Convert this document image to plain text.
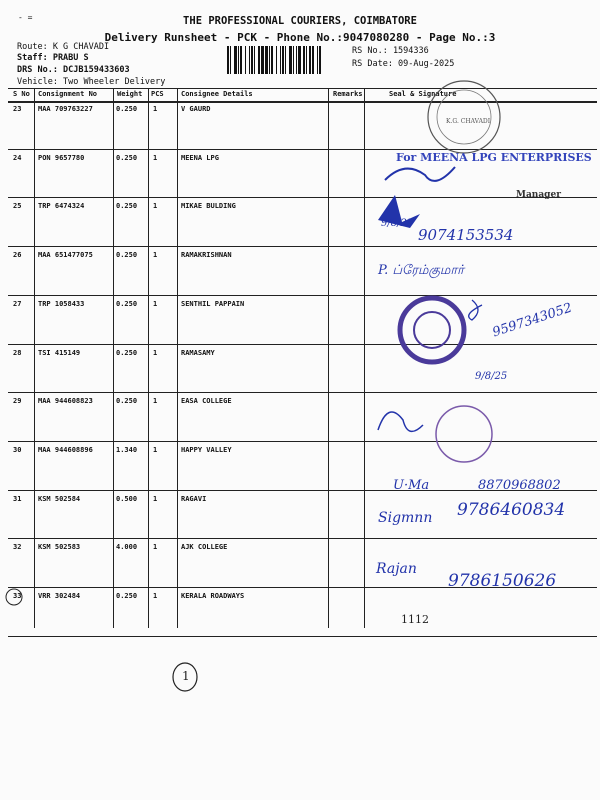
- =	THE PROFESSIONAL COURIERS, COIMBATORE
Delivery Runsheet - PCK - Phone No.:9047080280 - Page No.:3
Route: K G CHAVADI
Staff: PRABU S
DRS No.: DCJB159433603
Vehicle: Two Wheeler Delivery
RS No.: 1594336
RS Date: 09-Aug-2025
S No Consignment No	Weight PCS Consignee Details	Remarks	Seal & Signature
23 MAA 709763227	0.250 1	V GAURD
24 PON 9657780	0.250 1	MEENA LPG
25 TRP 6474324	0.250 1	MIKAE BULDING
26 MAA 651477075	0.250 1	RAMAKRISHNAN
27 TRP 1058433	0.250 1	SENTHIL PAPPAIN
28 TSI 415149	0.250 1	RAMASAMY
29 MAA 944608823	0.250 1	EASA COLLEGE
30 MAA 944608896	1.340 1	HAPPY VALLEY
31 KSM 502584	0.500 1	RAGAVI
32 KSM 502583	4.000 1	AJK COLLEGE
33 VRR 302484	0.250 1	KERALA ROADWAYS
K.G. CHAVADI
For MEENA LPG ENTERPRISES
Manager
9/8/25
9074153534
P. ப்ரேம்குமார்
9597343052
9/8/25
U·Ma	8870968802
Sigmnn 9786460834
Rajan
9786150626
1112
1
